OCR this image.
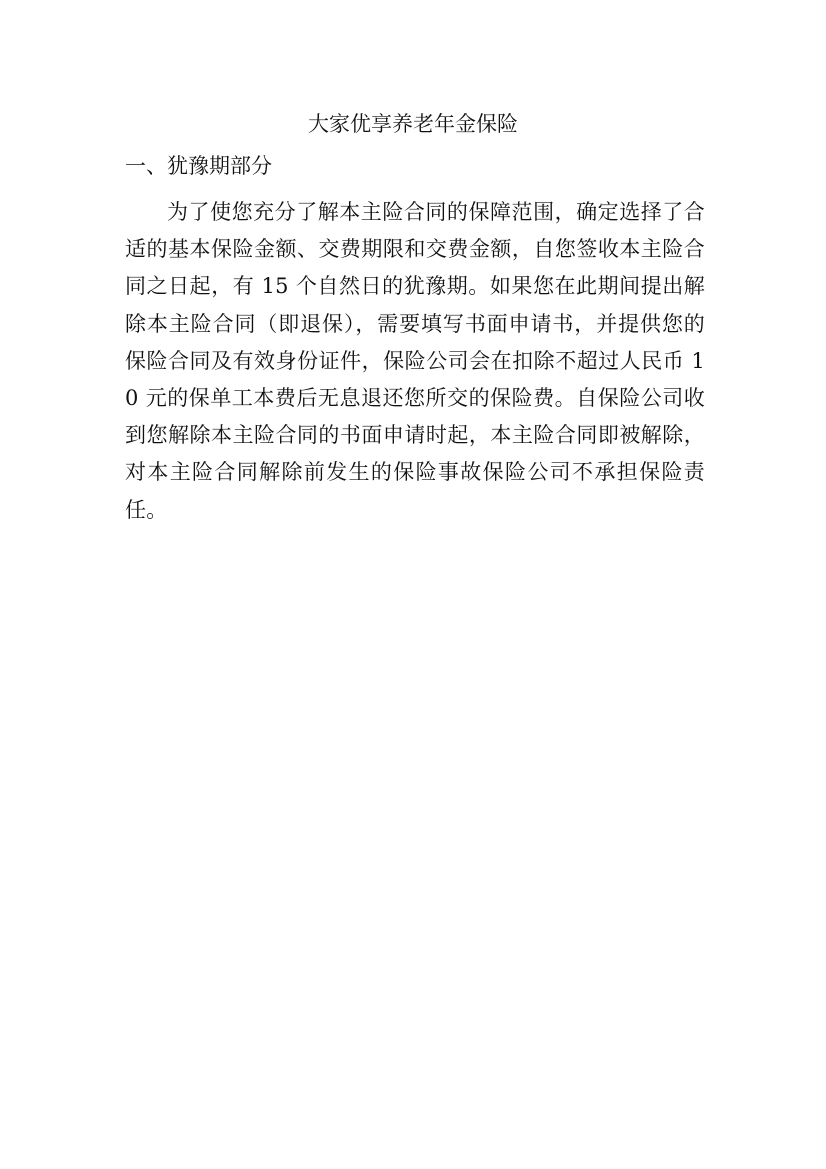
大家优享养老年金保险
一、犹豫期部分

为了使您充分了解本主险合同的保障范围，确定选择了合适的基本保险金额、交费期限和交费金额，自您签收本主险合同之日起，有 15 个自然日的犹豫期。如果您在此期间提出解除本主险合同（即退保），需要填写书面申请书，并提供您的保险合同及有效身份证件，保险公司会在扣除不超过人民币 10 元的保单工本费后无息退还您所交的保险费。自保险公司收到您解除本主险合同的书面申请时起，本主险合同即被解除，对本主险合同解除前发生的保险事故保险公司不承担保险责任。
